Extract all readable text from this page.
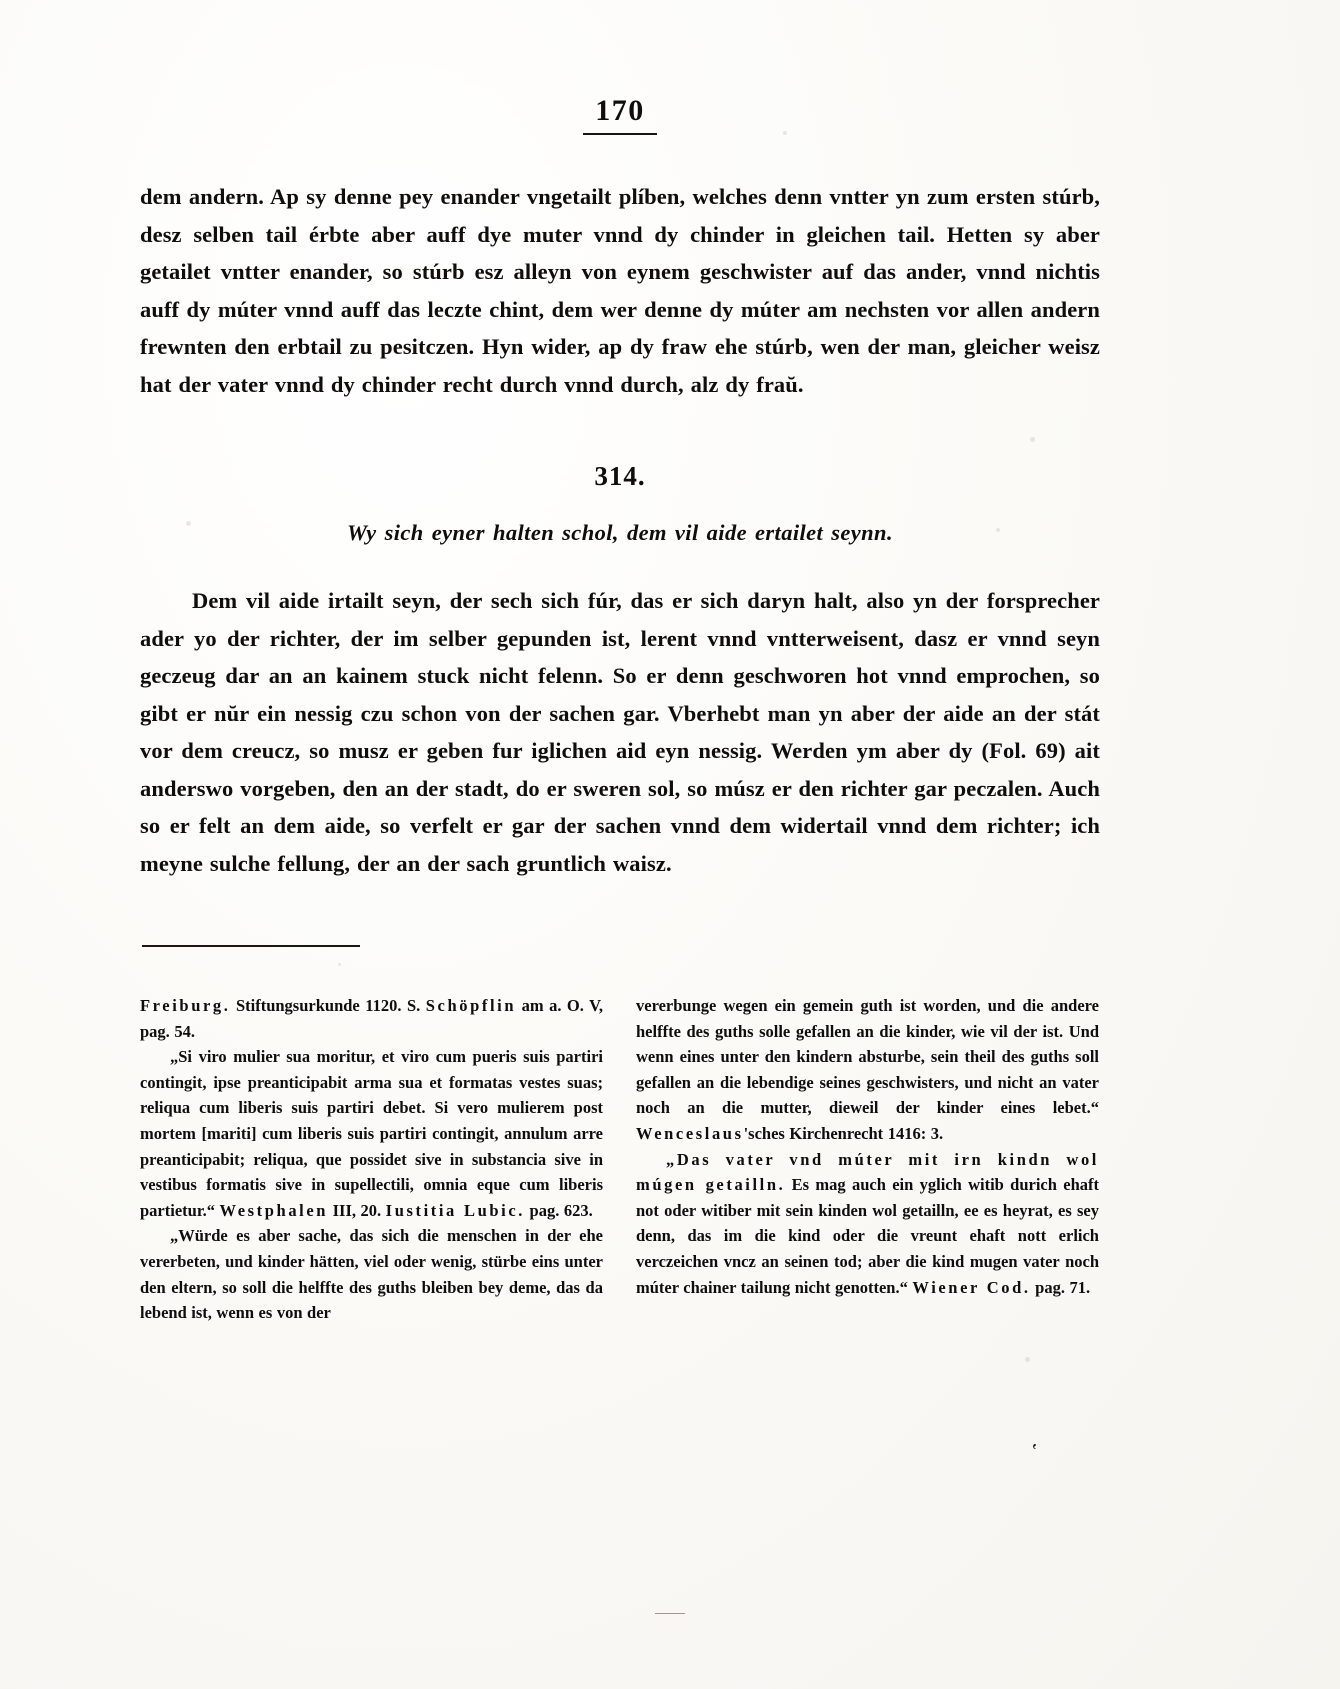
170

dem andern. Ap sy denne pey enander vngetailt plíben, welches denn vntter yn zum ersten stúrb, desz selben tail érbte aber auff dye muter vnnd dy chinder in gleichen tail. Hetten sy aber getailet vntter enander, so stúrb esz alleyn von eynem geschwister auf das ander, vnnd nichtis auff dy múter vnnd auff das leczte chint, dem wer denne dy múter am nechsten vor allen andern frewnten den erbtail zu pesitczen. Hyn wider, ap dy fraw ehe stúrb, wen der man, gleicher weisz hat der vater vnnd dy chinder recht durch vnnd durch, alz dy fraŭ.

314.
Wy sich eyner halten schol, dem vil aide ertailet seynn.

Dem vil aide irtailt seyn, der sech sich fúr, das er sich daryn halt, also yn der forsprecher ader yo der richter, der im selber gepunden ist, lerent vnnd vntterweisent, dasz er vnnd seyn geczeug dar an an kainem stuck nicht felenn. So er denn geschworen hot vnnd emprochen, so gibt er nŭr ein nessig czu schon von der sachen gar. Vberhebt man yn aber der aide an der stát vor dem creucz, so musz er geben fur iglichen aid eyn nessig. Werden ym aber dy (Fol. 69) ait anderswo vorgeben, den an der stadt, do er sweren sol, so músz er den richter gar peczalen. Auch so er felt an dem aide, so verfelt er gar der sachen vnnd dem widertail vnnd dem richter; ich meyne sulche fellung, der an der sach gruntlich waisz.

Freiburg. Stiftungsurkunde 1120. S. Schöpflin am a. O. V, pag. 54.

„Si viro mulier sua moritur, et viro cum pueris suis partiri contingit, ipse preanticipabit arma sua et formatas vestes suas; reliqua cum liberis suis partiri debet. Si vero mulierem post mortem [mariti] cum liberis suis partiri contingit, annulum arre preanticipabit; reliqua, que possidet sive in substancia sive in vestibus formatis sive in supellectili, omnia eque cum liberis partietur.“ Westphalen III, 20. Iustitia Lubic. pag. 623.

„Würde es aber sache, das sich die menschen in der ehe vererbeten, und kinder hätten, viel oder wenig, stürbe eins unter den eltern, so soll die helffte des guths bleiben bey deme, das da lebend ist, wenn es von der

vererbunge wegen ein gemein guth ist worden, und die andere helffte des guths solle gefallen an die kinder, wie vil der ist. Und wenn eines unter den kindern absturbe, sein theil des guths soll gefallen an die lebendige seines geschwisters, und nicht an vater noch an die mutter, dieweil der kinder eines lebet.“ Wenceslaus'sches Kirchenrecht 1416: 3.

„Das vater vnd múter mit irn kindn wol múgen getailln. Es mag auch ein yglich witib durich ehaft not oder witiber mit sein kinden wol getailln, ee es heyrat, es sey denn, das im die kind oder die vreunt ehaft nott erlich verczeichen vncz an seinen tod; aber die kind mugen vater noch múter chainer tailung nicht genotten.“ Wiener Cod. pag. 71.

‛
